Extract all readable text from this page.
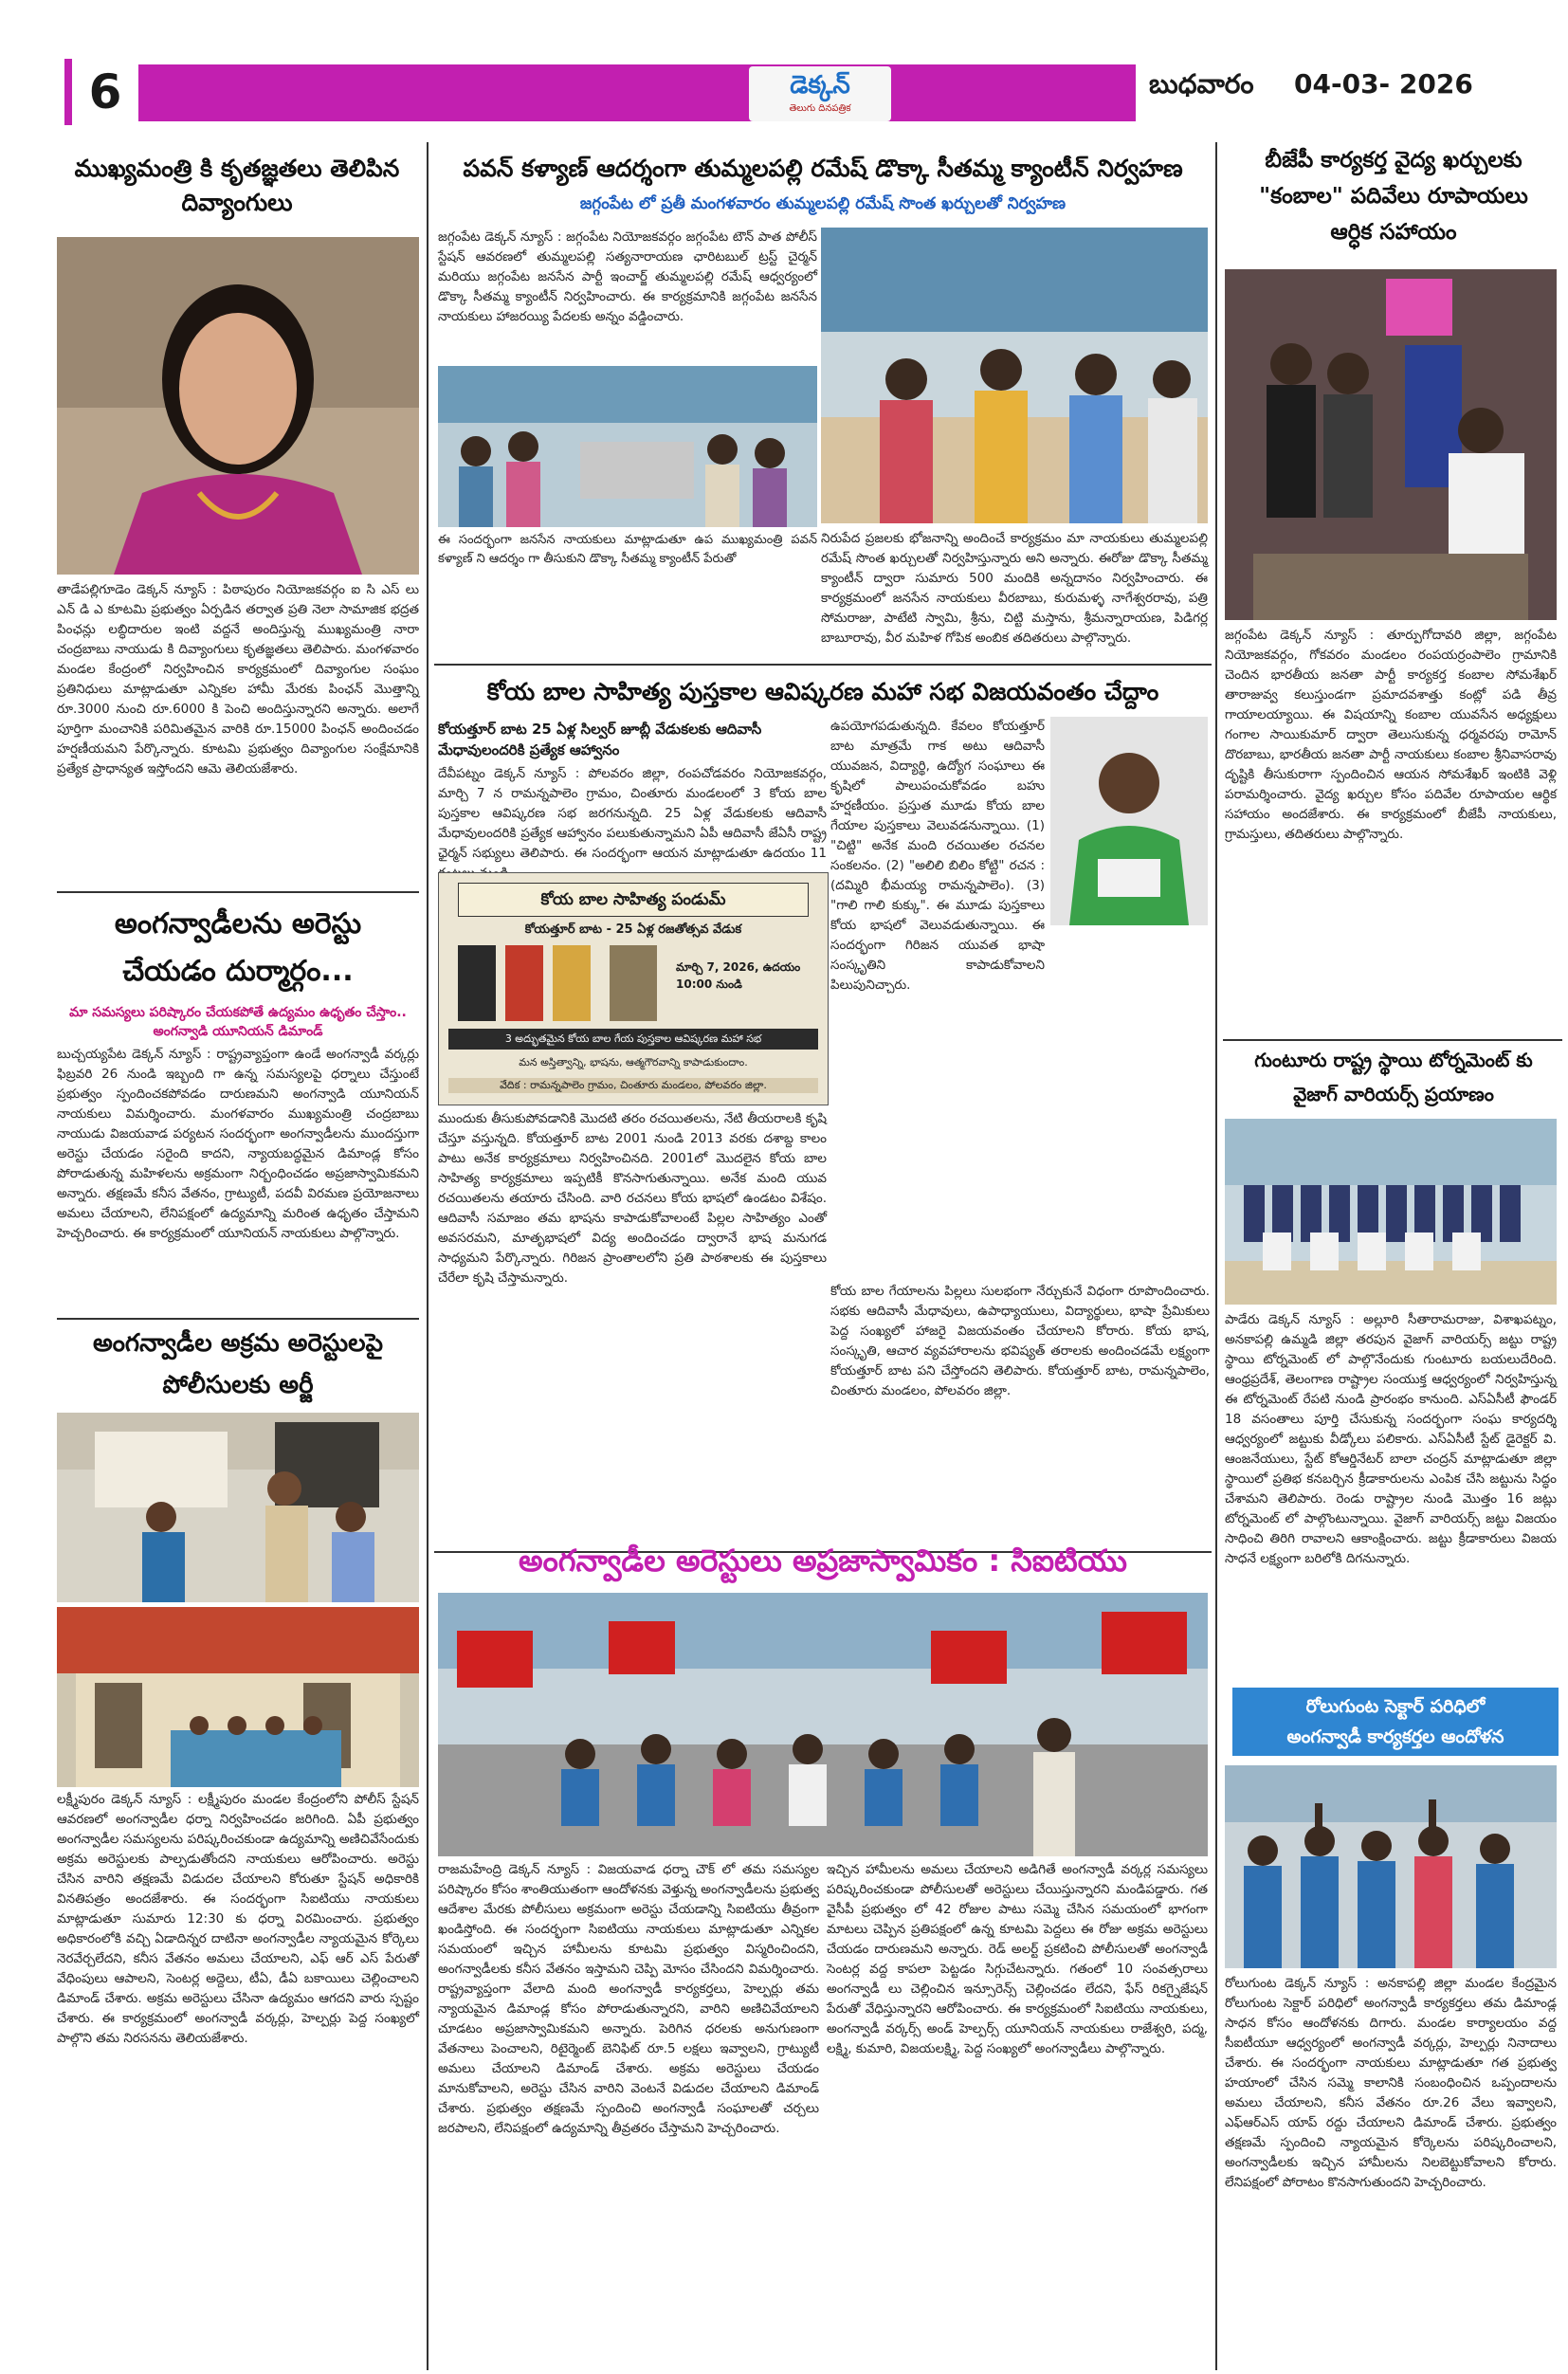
6	డెక్కన్
తెలుగు దినపత్రిక
బుధవారం 04-03- 2026
ముఖ్యమంత్రి కి కృతజ్ఞతలు తెలిపిన
దివ్యాంగులు
తాడేపల్లిగూడెం డెక్కన్ న్యూస్ : పిఠాపురం నియోజకవర్గం ఐ సి ఎస్ లు ఎన్ డి ఎ కూటమి ప్రభుత్వం ఏర్పడిన తర్వాత ప్రతి నెలా సామాజిక భద్రత పింఛన్లు లబ్ధిదారుల ఇంటి వద్దనే అందిస్తున్న ముఖ్యమంత్రి నారా చంద్రబాబు నాయుడు కి దివ్యాంగులు కృతజ్ఞతలు తెలిపారు. మంగళవారం మండల కేంద్రంలో నిర్వహించిన కార్యక్రమంలో దివ్యాంగుల సంఘం ప్రతినిధులు మాట్లాడుతూ ఎన్నికల హామీ మేరకు పింఛన్ మొత్తాన్ని రూ.3000 నుంచి రూ.6000 కి పెంచి అందిస్తున్నారని అన్నారు. అలాగే పూర్తిగా మంచానికి పరిమితమైన వారికి రూ.15000 పింఛన్ అందించడం హర్షణీయమని పేర్కొన్నారు. కూటమి ప్రభుత్వం దివ్యాంగుల సంక్షేమానికి ప్రత్యేక ప్రాధాన్యత ఇస్తోందని ఆమె తెలియజేశారు.
అంగన్వాడీలను అరెస్టు
చేయడం దుర్మార్గం...
మా సమస్యలు పరిష్కారం చేయకపోతే ఉద్యమం ఉధృతం చేస్తాం.. అంగన్వాడి యూనియన్ డిమాండ్
బుచ్చయ్యపేట డెక్కన్ న్యూస్ : రాష్ట్రవ్యాప్తంగా ఉండే అంగన్వాడీ వర్కర్లు ఫిబ్రవరి 26 నుండి ఇబ్బంది గా ఉన్న సమస్యలపై ధర్నాలు చేస్తుంటే ప్రభుత్వం స్పందించకపోవడం దారుణమని అంగన్వాడి యూనియన్ నాయకులు విమర్శించారు. మంగళవారం ముఖ్యమంత్రి చంద్రబాబు నాయుడు విజయవాడ పర్యటన సందర్భంగా అంగన్వాడీలను ముందస్తుగా అరెస్టు చేయడం సరైంది కాదని, న్యాయబద్ధమైన డిమాండ్ల కోసం పోరాడుతున్న మహిళలను అక్రమంగా నిర్బంధించడం అప్రజాస్వామికమని అన్నారు. తక్షణమే కనీస వేతనం, గ్రాట్యుటీ, పదవీ విరమణ ప్రయోజనాలు అమలు చేయాలని, లేనిపక్షంలో ఉద్యమాన్ని మరింత ఉధృతం చేస్తామని హెచ్చరించారు. ఈ కార్యక్రమంలో యూనియన్ నాయకులు పాల్గొన్నారు.
అంగన్వాడీల అక్రమ అరెస్టులపై
పోలీసులకు అర్జీ
లక్ష్మీపురం డెక్కన్ న్యూస్ : లక్ష్మీపురం మండల కేంద్రంలోని పోలీస్ స్టేషన్ ఆవరణలో అంగన్వాడీల ధర్నా నిర్వహించడం జరిగింది. ఏపీ ప్రభుత్వం అంగన్వాడీల సమస్యలను పరిష్కరించకుండా ఉద్యమాన్ని అణిచివేసేందుకు అక్రమ అరెస్టులకు పాల్పడుతోందని నాయకులు ఆరోపించారు. అరెస్టు చేసిన వారిని తక్షణమే విడుదల చేయాలని కోరుతూ స్టేషన్ అధికారికి వినతిపత్రం అందజేశారు. ఈ సందర్భంగా సిఐటియు నాయకులు మాట్లాడుతూ సుమారు 12:30 కు ధర్నా విరమించారు. ప్రభుత్వం అధికారంలోకి వచ్చి ఏడాదిన్నర దాటినా అంగన్వాడీల న్యాయమైన కోర్కెలు నెరవేర్చలేదని, కనీస వేతనం అమలు చేయాలని, ఎఫ్ ఆర్ ఎస్ పేరుతో వేధింపులు ఆపాలని, సెంటర్ల అద్దెలు, టీఏ, డీఏ బకాయిలు చెల్లించాలని డిమాండ్ చేశారు. అక్రమ అరెస్టులు చేసినా ఉద్యమం ఆగదని వారు స్పష్టం చేశారు. ఈ కార్యక్రమంలో అంగన్వాడీ వర్కర్లు, హెల్పర్లు పెద్ద సంఖ్యలో పాల్గొని తమ నిరసనను తెలియజేశారు.
పవన్ కళ్యాణ్ ఆదర్శంగా తుమ్మలపల్లి రమేష్ డొక్కా సీతమ్మ క్యాంటీన్ నిర్వహణ
జగ్గంపేట లో ప్రతీ మంగళవారం తుమ్మలపల్లి రమేష్ సొంత ఖర్చులతో నిర్వహణ
జగ్గంపేట డెక్కన్ న్యూస్ : జగ్గంపేట నియోజకవర్గం జగ్గంపేట టౌన్ పాత పోలీస్ స్టేషన్ ఆవరణలో తుమ్మలపల్లి సత్యనారాయణ ఛారిటబుల్ ట్రస్ట్ చైర్మన్ మరియు జగ్గంపేట జనసేన పార్టీ ఇంచార్జ్ తుమ్మలపల్లి రమేష్ ఆధ్వర్యంలో డొక్కా సీతమ్మ క్యాంటీన్ నిర్వహించారు. ఈ కార్యక్రమానికి జగ్గంపేట జనసేన నాయకులు హాజరయ్యి పేదలకు అన్నం వడ్డించారు.
ఈ సందర్భంగా జనసేన నాయకులు మాట్లాడుతూ ఉప ముఖ్యమంత్రి పవన్ కళ్యాణ్ ని ఆదర్శం గా తీసుకుని డొక్కా సీతమ్మ క్యాంటీన్ పేరుతో
నిరుపేద ప్రజలకు భోజనాన్ని అందించే కార్యక్రమం మా నాయకులు తుమ్మలపల్లి రమేష్ సొంత ఖర్చులతో నిర్వహిస్తున్నారు అని అన్నారు. ఈరోజు డొక్కా సీతమ్మ క్యాంటీన్ ద్వారా సుమారు 500 మందికి అన్నదానం నిర్వహించారు. ఈ కార్యక్రమంలో జనసేన నాయకులు వీరబాబు, కురుమళ్ళ నాగేశ్వరరావు, పత్రి సోమరాజు, పాటేటి స్వామి, శ్రీను, చిట్టి మస్తాను, శ్రీమన్నారాయణ, పిడిగర్ల బాబూరావు, వీర మహిళ గోపిక అంబిక తదితరులు పాల్గొన్నారు.
కోయ బాల సాహిత్య పుస్తకాల ఆవిష్కరణ మహా సభ విజయవంతం చేద్దాం
కోయత్తూర్ బాట 25 ఏళ్ల సిల్వర్ జూబ్లీ వేడుకలకు ఆదివాసీ
మేధావులందరికి ప్రత్యేక ఆహ్వానం
దేవీపట్నం డెక్కన్ న్యూస్ : పోలవరం జిల్లా, రంపచోడవరం నియోజకవర్గం, మార్చి 7 న రామన్నపాలెం గ్రామం, చింతూరు మండలంలో 3 కోయ బాల పుస్తకాల ఆవిష్కరణ సభ జరగనున్నది. 25 ఏళ్ల వేడుకలకు ఆదివాసీ మేధావులందరికి ప్రత్యేక ఆహ్వానం పలుకుతున్నామని ఏపీ ఆదివాసీ జేఏసీ రాష్ట్ర ఛైర్మన్ సభ్యులు తెలిపారు. ఈ సందర్భంగా ఆయన మాట్లాడుతూ ఉదయం 11
ఉపయోగపడుతున్నది. కేవలం కోయత్తూర్ బాట మాత్రమే గాక అటు ఆదివాసీ యువజన, విద్యార్థి, ఉద్యోగ సంఘాలు ఈ కృషిలో పాలుపంచుకోవడం బహు హర్షణీయం. ప్రస్తుత మూడు కోయ బాల గేయాల పుస్తకాలు వెలువడనున్నాయి. (1) "చిట్టి" అనేక మంది రచయితల రచనల సంకలనం. (2) "అలిలి బిలిం కోట్టి" రచన : (దమ్మిరి భీమయ్య రామన్నపాలెం). (3) "గాలి గాలి కుక్కు". ఈ మూడు పుస్తకాలు కోయ భాషలో వెలువడుతున్నాయి. ఈ సందర్భంగా గిరిజన యువత భాషా సంస్కృతిని కాపాడుకోవాలని పిలుపునిచ్చారు.
కోయ బాల సాహిత్య పండుమ్
కోయత్తూర్ బాట - 25 ఏళ్ల రజతోత్సవ వేడుక
మార్చి 7, 2026, ఉదయం 10:00 నుండి
3 అద్భుతమైన కోయ బాల గేయ పుస్తకాల ఆవిష్కరణ మహా సభ
మన అస్తిత్వాన్ని, భాషను, ఆత్మగౌరవాన్ని కాపాడుకుందాం.
వేదిక : రామన్నపాలెం గ్రామం, చింతూరు మండలం, పోలవరం జిల్లా.
ముందుకు తీసుకుపోవడానికి మొదటి తరం రచయితలను, నేటి తీయరాలకి కృషి చేస్తూ వస్తున్నది. కోయత్తూర్ బాట 2001 నుండి 2013 వరకు దశాబ్ద కాలం పాటు అనేక కార్యక్రమాలు నిర్వహించినది. 2001లో మొదలైన కోయ బాల సాహిత్య కార్యక్రమాలు ఇప్పటికీ కొనసాగుతున్నాయి. అనేక మంది యువ రచయితలను తయారు చేసింది. వారి రచనలు కోయ భాషలో ఉండటం విశేషం. ఆదివాసీ సమాజం తమ భాషను కాపాడుకోవాలంటే పిల్లల సాహిత్యం ఎంతో అవసరమని, మాతృభాషలో విద్య అందించడం ద్వారానే భాష మనుగడ సాధ్యమని పేర్కొన్నారు. గిరిజన ప్రాంతాలలోని ప్రతి పాఠశాలకు ఈ పుస్తకాలు చేరేలా కృషి చేస్తామన్నారు.
కోయ బాల గేయాలను పిల్లలు సులభంగా నేర్చుకునే విధంగా రూపొందించారు. సభకు ఆదివాసీ మేధావులు, ఉపాధ్యాయులు, విద్యార్థులు, భాషా ప్రేమికులు పెద్ద సంఖ్యలో హాజరై విజయవంతం చేయాలని కోరారు. కోయ భాష, సంస్కృతి, ఆచార వ్యవహారాలను భవిష్యత్ తరాలకు అందించడమే లక్ష్యంగా కోయత్తూర్ బాట పని చేస్తోందని తెలిపారు. కోయత్తూర్ బాట, రామన్నపాలెం, చింతూరు మండలం, పోలవరం జిల్లా.
అంగన్వాడీల అరెస్టులు అప్రజాస్వామికం : సిఐటియు
రాజమహేంద్రి డెక్కన్ న్యూస్ : విజయవాడ ధర్నా చౌక్ లో తమ సమస్యల పరిష్కారం కోసం శాంతియుతంగా ఆందోళనకు వెళ్తున్న అంగన్వాడీలను ప్రభుత్వ ఆదేశాల మేరకు పోలీసులు అక్రమంగా అరెస్టు చేయడాన్ని సిఐటియు తీవ్రంగా ఖండిస్తోంది. ఈ సందర్భంగా సిఐటియు నాయకులు మాట్లాడుతూ ఎన్నికల సమయంలో ఇచ్చిన హామీలను కూటమి ప్రభుత్వం విస్మరించిందని, అంగన్వాడీలకు కనీస వేతనం ఇస్తామని చెప్పి మోసం చేసిందని విమర్శించారు. రాష్ట్రవ్యాప్తంగా వేలాది మంది అంగన్వాడీ కార్యకర్తలు, హెల్పర్లు తమ న్యాయమైన డిమాండ్ల కోసం పోరాడుతున్నారని, వారిని అణిచివేయాలని చూడటం అప్రజాస్వామికమని అన్నారు. పెరిగిన ధరలకు అనుగుణంగా వేతనాలు పెంచాలని, రిటైర్మెంట్ బెనిఫిట్ రూ.5 లక్షలు ఇవ్వాలని, గ్రాట్యుటీ అమలు చేయాలని డిమాండ్ చేశారు. అక్రమ అరెస్టులు చేయడం మానుకోవాలని, అరెస్టు చేసిన వారిని వెంటనే విడుదల చేయాలని డిమాండ్ చేశారు. ప్రభుత్వం తక్షణమే స్పందించి అంగన్వాడీ సంఘాలతో చర్చలు జరపాలని, లేనిపక్షంలో ఉద్యమాన్ని తీవ్రతరం చేస్తామని హెచ్చరించారు.
ఇచ్చిన హామీలను అమలు చేయాలని అడిగితే అంగన్వాడీ వర్కర్ల సమస్యలు పరిష్కరించకుండా పోలీసులతో అరెస్టులు చేయిస్తున్నారని మండిపడ్డారు. గత వైసీపీ ప్రభుత్వం లో 42 రోజుల పాటు సమ్మె చేసిన సమయంలో భాగంగా మాటలు చెప్పిన ప్రతిపక్షంలో ఉన్న కూటమి పెద్దలు ఈ రోజు అక్రమ అరెస్టులు చేయడం దారుణమని అన్నారు. రెడ్ అలర్ట్ ప్రకటించి పోలీసులతో అంగన్వాడీ సెంటర్ల వద్ద కాపలా పెట్టడం సిగ్గుచేటన్నారు. గతంలో 10 సంవత్సరాలు అంగన్వాడీ లు చెల్లించిన ఇన్సూరెన్స్ చెల్లించడం లేదని, ఫేస్ రికగ్నైజేషన్ పేరుతో వేధిస్తున్నారని ఆరోపించారు. ఈ కార్యక్రమంలో సిఐటియు నాయకులు, అంగన్వాడీ వర్కర్స్ అండ్ హెల్పర్స్ యూనియన్ నాయకులు రాజేశ్వరి, పద్మ, లక్ష్మి, కుమారి, విజయలక్ష్మి, పెద్ద సంఖ్యలో అంగన్వాడీలు పాల్గొన్నారు.
బీజేపీ కార్యకర్త వైద్య ఖర్చులకు
"కంబాల" పదివేలు రూపాయలు
ఆర్ధిక సహాయం
జగ్గంపేట డెక్కన్ న్యూస్ : తూర్పుగోదావరి జిల్లా, జగ్గంపేట నియోజకవర్గం, గోకవరం మండలం రంపయర్రంపాలెం గ్రామానికి చెందిన భారతీయ జనతా పార్టీ కార్యకర్త కంబాల సోమశేఖర్ తారాజువ్వ కలుస్తుండగా ప్రమాదవశాత్తు కంట్లో పడి తీవ్ర గాయాలయ్యాయి. ఈ విషయాన్ని కంబాల యువసేన అధ్యక్షులు గంగాల సాయికుమార్ ద్వారా తెలుసుకున్న ధర్మవరపు రామోన్ దొరబాబు, భారతీయ జనతా పార్టీ నాయకులు కంబాల శ్రీనివాసరావు దృష్టికి తీసుకురాగా స్పందించిన ఆయన సోమశేఖర్ ఇంటికి వెళ్లి పరామర్శించారు. వైద్య ఖర్చుల కోసం పదివేల రూపాయల ఆర్థిక సహాయం అందజేశారు. ఈ కార్యక్రమంలో బీజేపీ నాయకులు, గ్రామస్తులు, తదితరులు పాల్గొన్నారు.
గుంటూరు రాష్ట్ర స్థాయి టోర్నమెంట్ కు
వైజాగ్ వారియర్స్ ప్రయాణం
పాడేరు డెక్కన్ న్యూస్ : అల్లూరి సీతారామరాజు, విశాఖపట్నం, అనకాపల్లి ఉమ్మడి జిల్లా తరపున వైజాగ్ వారియర్స్ జట్టు రాష్ట్ర స్థాయి టోర్నమెంట్ లో పాల్గొనేందుకు గుంటూరు బయలుదేరింది. ఆంధ్రప్రదేశ్, తెలంగాణ రాష్ట్రాల సంయుక్త ఆధ్వర్యంలో నిర్వహిస్తున్న ఈ టోర్నమెంట్ రేపటి నుండి ప్రారంభం కానుంది. ఎస్ఏసీటీ ఫౌండర్ 18 వసంతాలు పూర్తి చేసుకున్న సందర్భంగా సంఘ కార్యదర్శి ఆధ్వర్యంలో జట్టుకు వీడ్కోలు పలికారు. ఎస్ఏసీటీ స్టేట్ డైరెక్టర్ వి. ఆంజనేయులు, స్టేట్ కోఆర్డినేటర్ బాలా చంద్రన్ మాట్లాడుతూ జిల్లా స్థాయిలో ప్రతిభ కనబర్చిన క్రీడాకారులను ఎంపిక చేసి జట్టును సిద్ధం చేశామని తెలిపారు. రెండు రాష్ట్రాల నుండి మొత్తం 16 జట్లు టోర్నమెంట్ లో పాల్గొంటున్నాయి. వైజాగ్ వారియర్స్ జట్టు విజయం సాధించి తిరిగి రావాలని ఆకాంక్షించారు. జట్టు క్రీడాకారులు విజయ సాధనే లక్ష్యంగా బరిలోకి దిగనున్నారు.
రోలుగుంట సెక్టార్ పరిధిలో
అంగన్వాడీ కార్యకర్తల ఆందోళన
రోలుగుంట డెక్కన్ న్యూస్ : అనకాపల్లి జిల్లా మండల కేంద్రమైన రోలుగుంట సెక్టార్ పరిధిలో అంగన్వాడీ కార్యకర్తలు తమ డిమాండ్ల సాధన కోసం ఆందోళనకు దిగారు. మండల కార్యాలయం వద్ద సీఐటీయూ ఆధ్వర్యంలో అంగన్వాడీ వర్కర్లు, హెల్పర్లు నినాదాలు చేశారు. ఈ సందర్భంగా నాయకులు మాట్లాడుతూ గత ప్రభుత్వ హయాంలో చేసిన సమ్మె కాలానికి సంబంధించిన ఒప్పందాలను అమలు చేయాలని, కనీస వేతనం రూ.26 వేలు ఇవ్వాలని, ఎఫ్ఆర్ఎస్ యాప్ రద్దు చేయాలని డిమాండ్ చేశారు. ప్రభుత్వం తక్షణమే స్పందించి న్యాయమైన కోర్కెలను పరిష్కరించాలని, అంగన్వాడీలకు ఇచ్చిన హామీలను నిలబెట్టుకోవాలని కోరారు. లేనిపక్షంలో పోరాటం కొనసాగుతుందని హెచ్చరించారు.
